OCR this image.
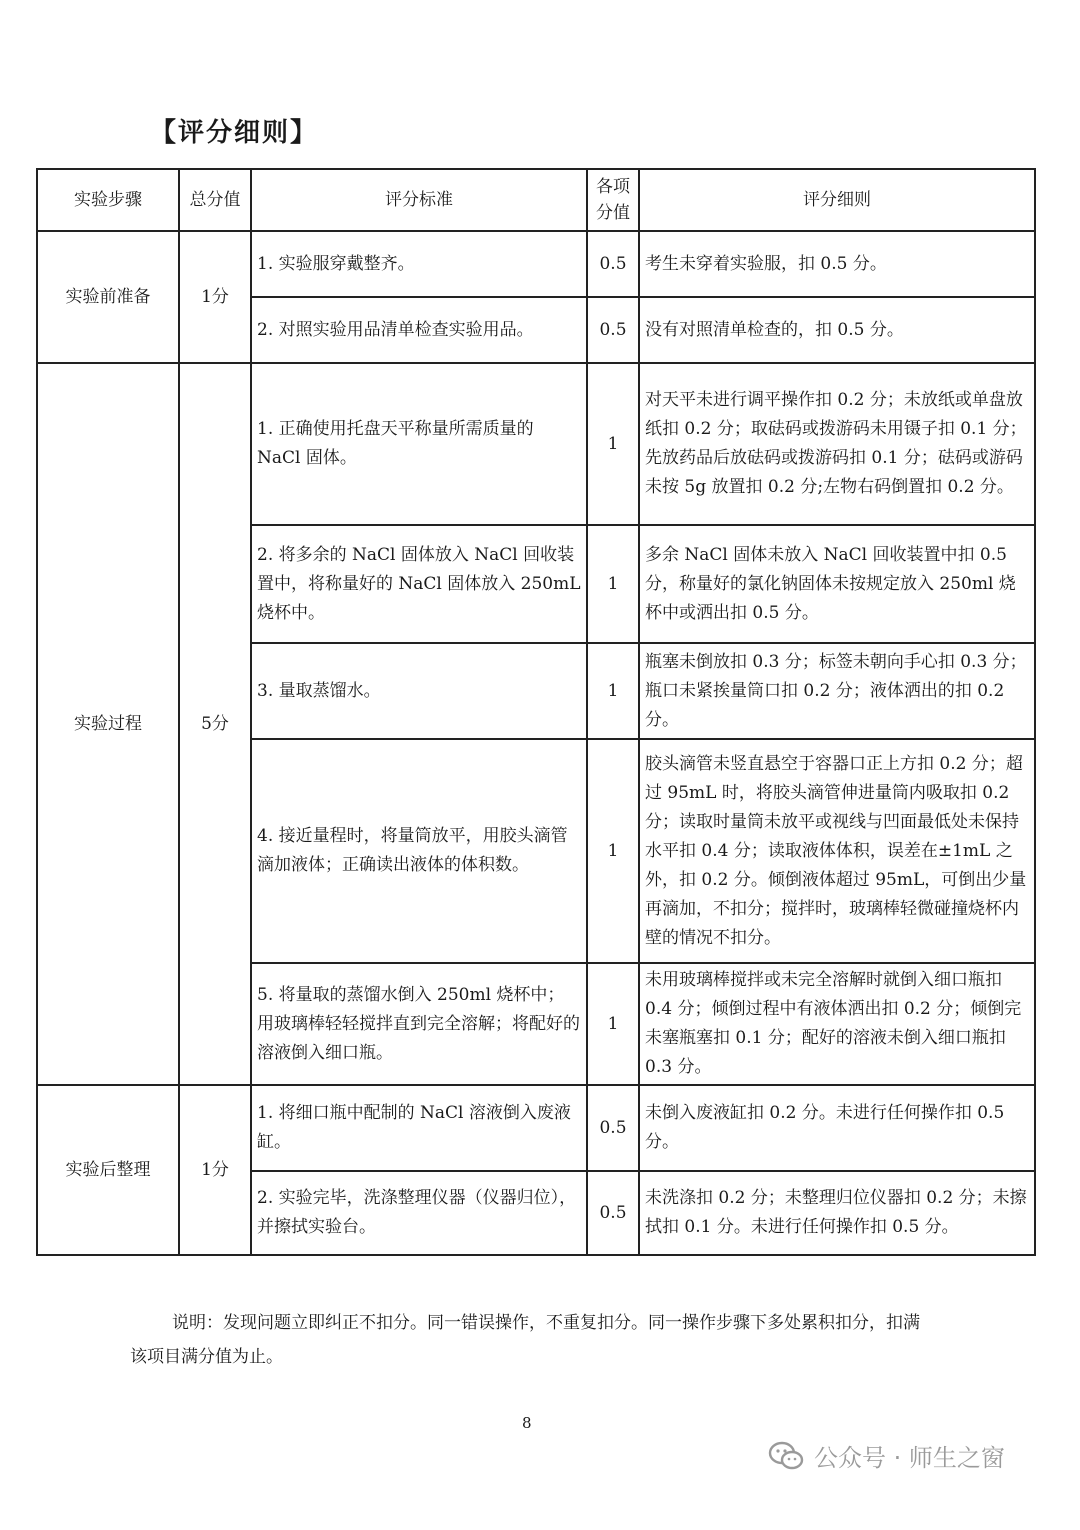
【评分细则】
实验步骤	总分值	评分标准	各项分值	评分细则
实验前准备	1分	1. 实验服穿戴整齐。	0.5	考生未穿着实验服，扣 0.5 分。
		2. 对照实验用品清单检查实验用品。	0.5	没有对照清单检查的，扣 0.5 分。
实验过程	5分	1. 正确使用托盘天平称量所需质量的 NaCl 固体。	1	对天平未进行调平操作扣 0.2 分；未放纸或单盘放纸扣 0.2 分；取砝码或拨游码未用镊子扣 0.1 分；先放药品后放砝码或拨游码扣 0.1 分；砝码或游码未按 5g 放置扣 0.2 分;左物右码倒置扣 0.2 分。
		2. 将多余的 NaCl 固体放入 NaCl 回收装置中，将称量好的 NaCl 固体放入 250mL 烧杯中。	1	多余 NaCl 固体未放入 NaCl 回收装置中扣 0.5 分，称量好的氯化钠固体未按规定放入 250ml 烧杯中或洒出扣 0.5 分。
		3. 量取蒸馏水。	1	瓶塞未倒放扣 0.3 分；标签未朝向手心扣 0.3 分；瓶口未紧挨量筒口扣 0.2 分；液体洒出的扣 0.2 分。
		4. 接近量程时，将量筒放平，用胶头滴管滴加液体；正确读出液体的体积数。	1	胶头滴管未竖直悬空于容器口正上方扣 0.2 分；超过 95mL 时，将胶头滴管伸进量筒内吸取扣 0.2 分；读取时量筒未放平或视线与凹面最低处未保持水平扣 0.4 分；读取液体体积，误差在±1mL 之外，扣 0.2 分。倾倒液体超过 95mL，可倒出少量再滴加，不扣分；搅拌时，玻璃棒轻微碰撞烧杯内壁的情况不扣分。
		5. 将量取的蒸馏水倒入 250ml 烧杯中；用玻璃棒轻轻搅拌直到完全溶解；将配好的溶液倒入细口瓶。	1	未用玻璃棒搅拌或未完全溶解时就倒入细口瓶扣 0.4 分；倾倒过程中有液体洒出扣 0.2 分；倾倒完未塞瓶塞扣 0.1 分；配好的溶液未倒入细口瓶扣 0.3 分。
实验后整理	1分	1. 将细口瓶中配制的 NaCl 溶液倒入废液缸。	0.5	未倒入废液缸扣 0.2 分。未进行任何操作扣 0.5 分。
		2. 实验完毕，洗涤整理仪器（仪器归位），并擦拭实验台。	0.5	未洗涤扣 0.2 分；未整理归位仪器扣 0.2 分；未擦拭扣 0.1 分。未进行任何操作扣 0.5 分。
说明：发现问题立即纠正不扣分。同一错误操作，不重复扣分。同一操作步骤下多处累积扣分，扣满该项目满分值为止。
8
公众号 · 师生之窗
